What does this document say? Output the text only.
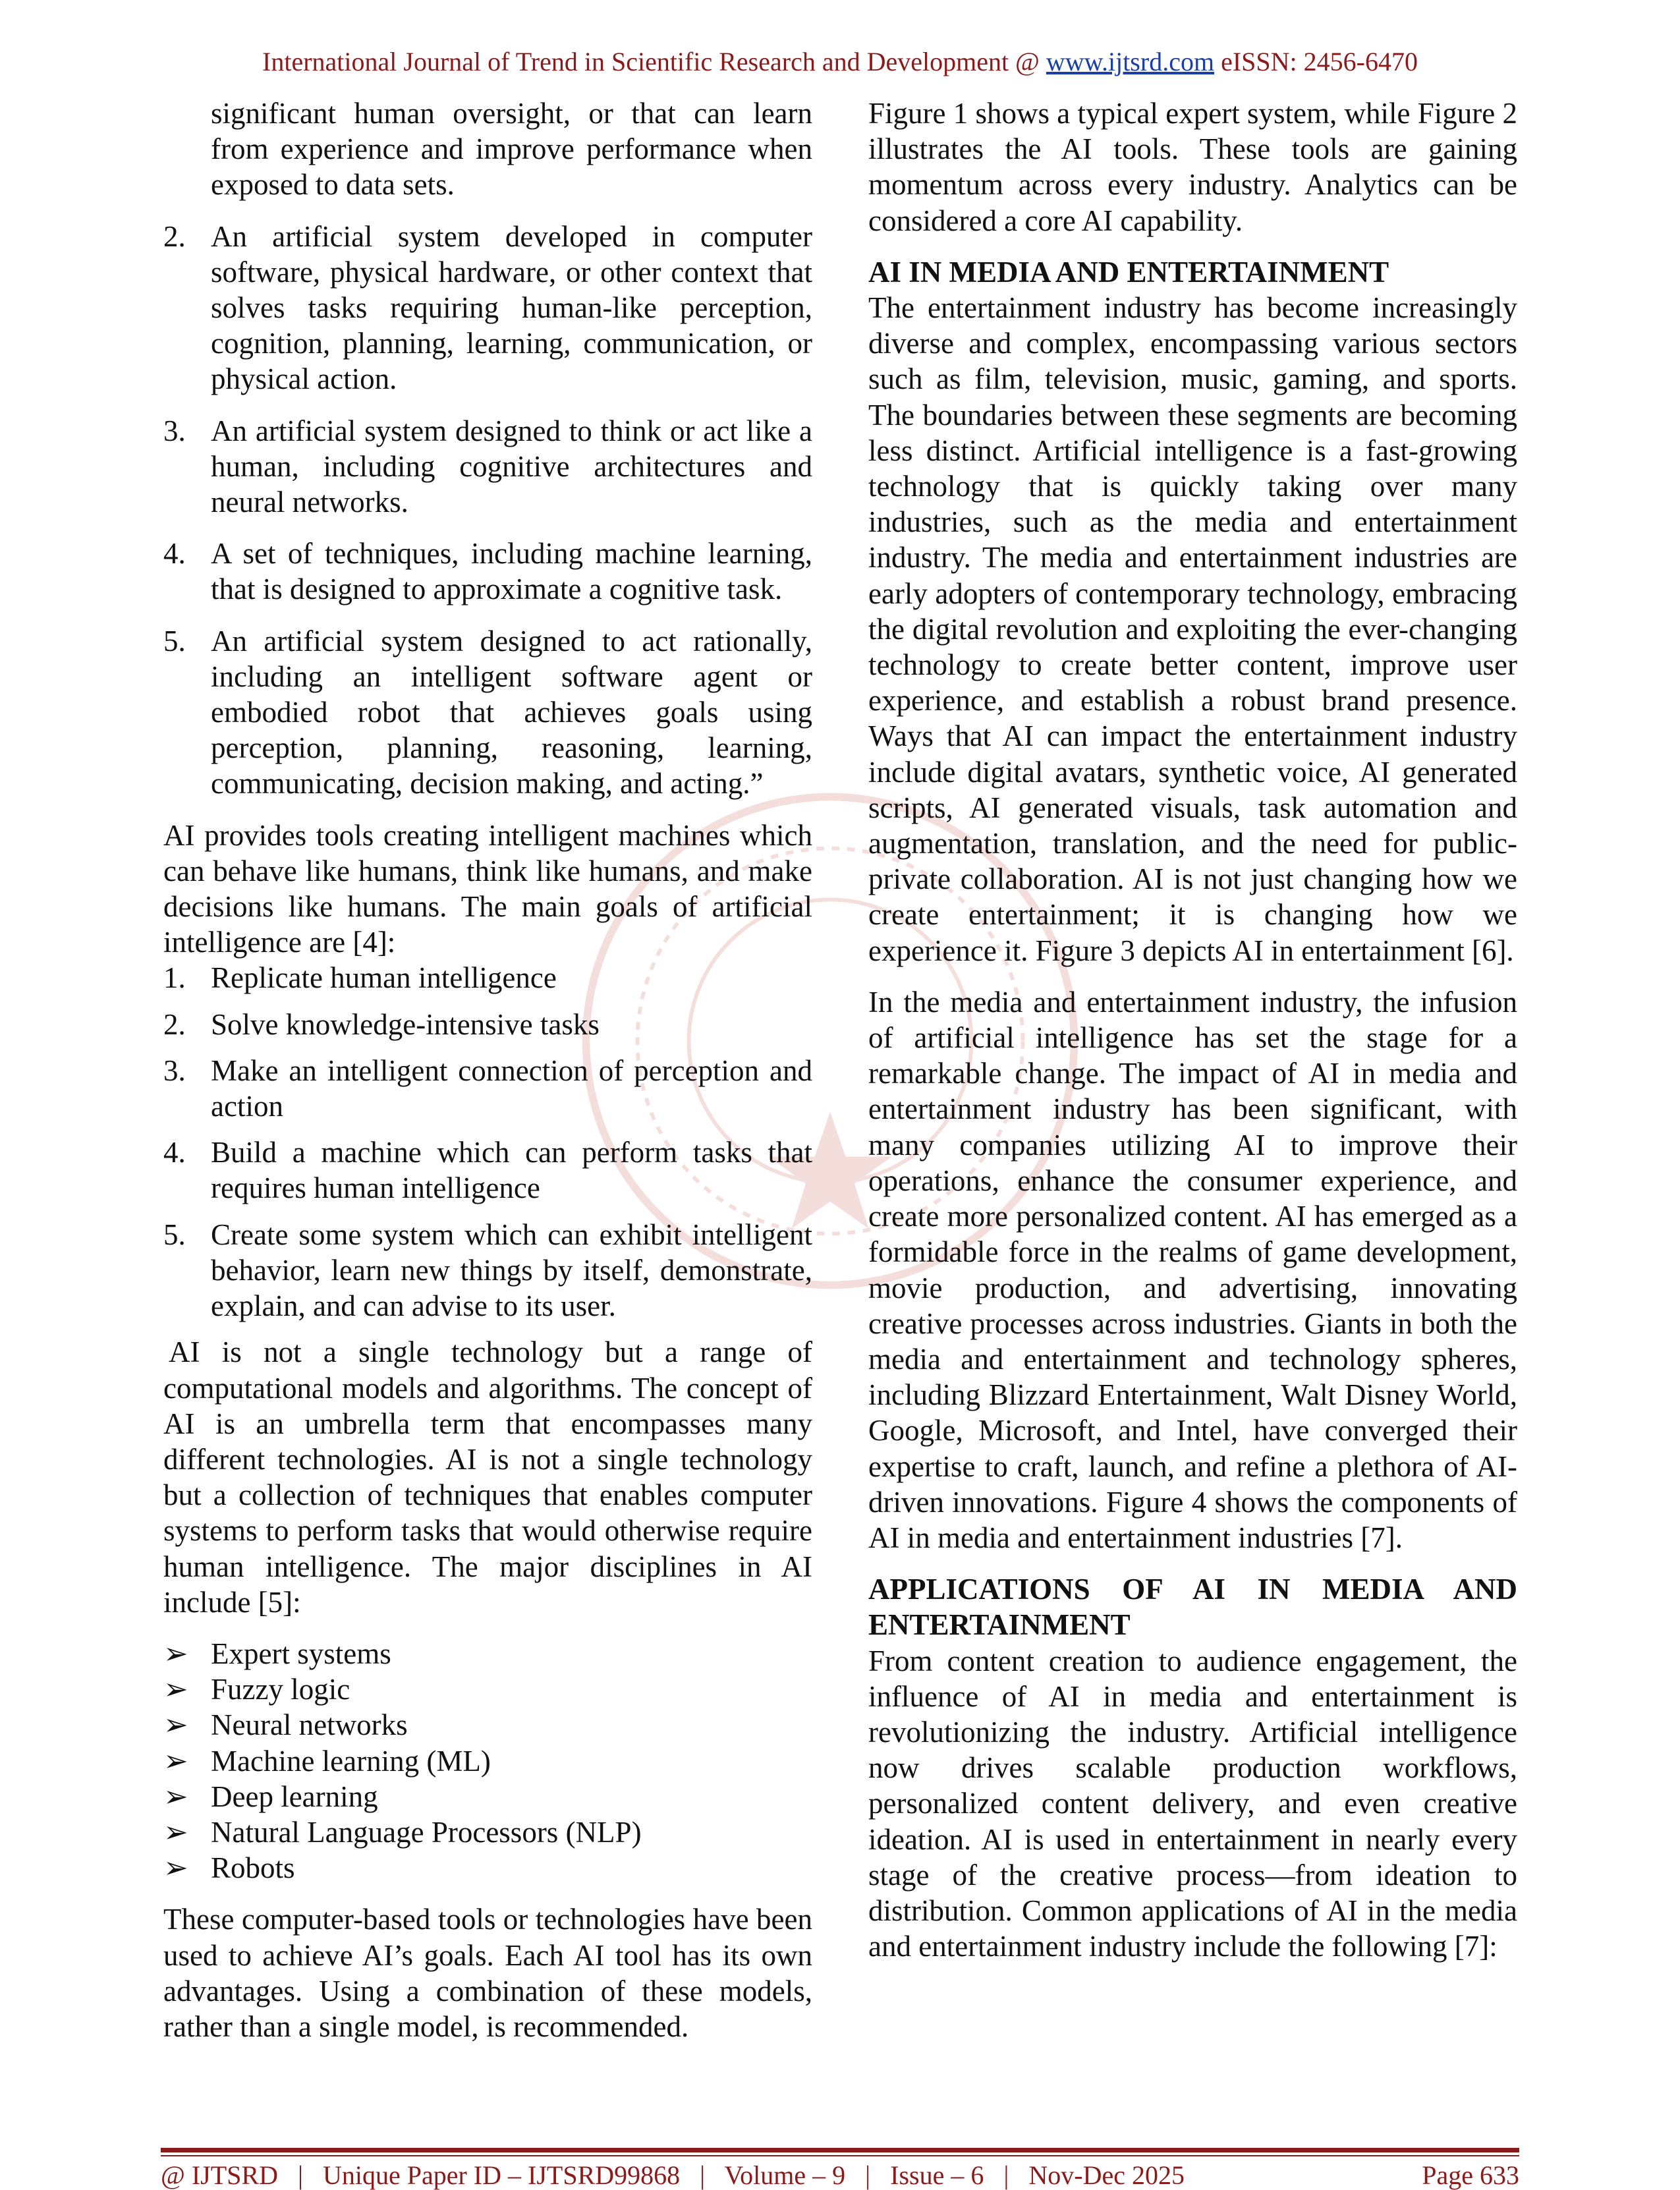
International Journal of Trend in Scientific Research and Development @ www.ijtsrd.com eISSN: 2456-6470

significant human oversight, or that can learn from experience and improve performance when exposed to data sets.

2. An artificial system developed in computer software, physical hardware, or other context that solves tasks requiring human-like perception, cognition, planning, learning, communication, or physical action.
3. An artificial system designed to think or act like a human, including cognitive architectures and neural networks.
4. A set of techniques, including machine learning, that is designed to approximate a cognitive task.
5. An artificial system designed to act rationally, including an intelligent software agent or embodied robot that achieves goals using perception, planning, reasoning, learning, communicating, decision making, and acting.”

AI provides tools creating intelligent machines which can behave like humans, think like humans, and make decisions like humans. The main goals of artificial intelligence are [4]:

1. Replicate human intelligence
2. Solve knowledge-intensive tasks
3. Make an intelligent connection of perception and action
4. Build a machine which can perform tasks that requires human intelligence
5. Create some system which can exhibit intelligent behavior, learn new things by itself, demonstrate, explain, and can advise to its user.

AI is not a single technology but a range of computational models and algorithms. The concept of AI is an umbrella term that encompasses many different technologies. AI is not a single technology but a collection of techniques that enables computer systems to perform tasks that would otherwise require human intelligence. The major disciplines in AI include [5]:

➢ Expert systems
➢ Fuzzy logic
➢ Neural networks
➢ Machine learning (ML)
➢ Deep learning
➢ Natural Language Processors (NLP)
➢ Robots

These computer-based tools or technologies have been used to achieve AI’s goals. Each AI tool has its own advantages. Using a combination of these models, rather than a single model, is recommended.

Figure 1 shows a typical expert system, while Figure 2 illustrates the AI tools. These tools are gaining momentum across every industry. Analytics can be considered a core AI capability.

AI IN MEDIA AND ENTERTAINMENT

The entertainment industry has become increasingly diverse and complex, encompassing various sectors such as film, television, music, gaming, and sports. The boundaries between these segments are becoming less distinct. Artificial intelligence is a fast-growing technology that is quickly taking over many industries, such as the media and entertainment industry. The media and entertainment industries are early adopters of contemporary technology, embracing the digital revolution and exploiting the ever-changing technology to create better content, improve user experience, and establish a robust brand presence. Ways that AI can impact the entertainment industry include digital avatars, synthetic voice, AI generated scripts, AI generated visuals, task automation and augmentation, translation, and the need for public-private collaboration. AI is not just changing how we create entertainment; it is changing how we experience it. Figure 3 depicts AI in entertainment [6].

In the media and entertainment industry, the infusion of artificial intelligence has set the stage for a remarkable change. The impact of AI in media and entertainment industry has been significant, with many companies utilizing AI to improve their operations, enhance the consumer experience, and create more personalized content. AI has emerged as a formidable force in the realms of game development, movie production, and advertising, innovating creative processes across industries. Giants in both the media and entertainment and technology spheres, including Blizzard Entertainment, Walt Disney World, Google, Microsoft, and Intel, have converged their expertise to craft, launch, and refine a plethora of AI-driven innovations. Figure 4 shows the components of AI in media and entertainment industries [7].

APPLICATIONS OF AI IN MEDIA AND
ENTERTAINMENT

From content creation to audience engagement, the influence of AI in media and entertainment is revolutionizing the industry. Artificial intelligence now drives scalable production workflows, personalized content delivery, and even creative ideation. AI is used in entertainment in nearly every stage of the creative process—from ideation to distribution. Common applications of AI in the media and entertainment industry include the following [7]:

@ IJTSRD   |   Unique Paper ID – IJTSRD99868   |   Volume – 9   |   Issue – 6   |   Nov-Dec 2025	Page 633
